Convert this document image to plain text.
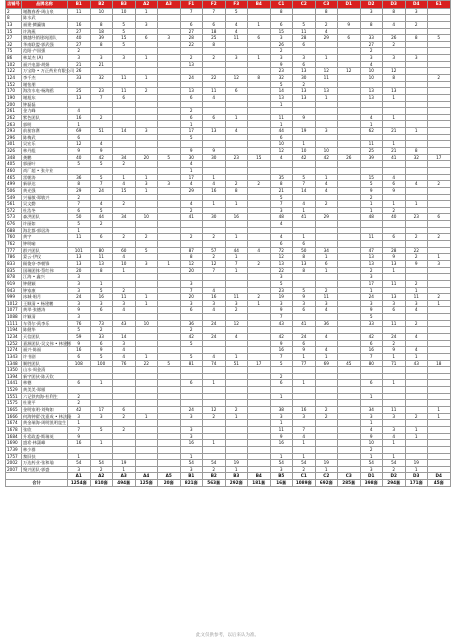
店铺号	品牌名称	B1	B2	B3	A2	A3	F1	F2	F3	B4	C1	C2	C3	D1	D2	D3	D4	E1
2	谢馥春香·周山泉	11	10	10	1		7	7	5		8		8		3	8	3	
8	陈水武																	
13	福建·腾瀛镇	16	8	5	3		6	6	4	1	6	5	2	9	8	4	2	
15	许海燕	27	18	5			27	18	4		15	11	4					
27	腾越经销建筑团队	40	39	15	6	3	28	25	11	6	3	28	29	6	33	26	8	5
32	华南联盟·郭武强	27	8	5			22	8			26	6			27	2		
75	范阳·卢国强	2									2				2			
86	林某杰 (A)	3	3	3	1		2	2	3	1	3	3	1		3	3	3	
102	福兴电器·胡娟	21	21				13				9	6			4			
122	万宝路 • 万正药业有限公司	26									23	13	12	12	10	12		
124	李千杰	33	32	11	1		24	22	12	8	32	30	11		10	8		2
152	谢怡朋										5	2						
170	海汝水电·杨海鸥	25	23	11	2		13	11	6		14	13	13		13	13		
190	谢旭东	13	7	6			6	4			13	13	1		13	1		
200	钟磊磊										1							
261	金力峰	4					2											
262	紫色团队	16	2				6	6	1		11	9			4	1		
263	郭明	1					1				1				1			
293	前茄容赛	69	51	14	3		17	13	4		44	19	3		62	21	1	
296	陈梅武	6					5				6							
301	吴宏乐	12	4								10	1			11	1		
326	林丹彪	9	9				9	9			12	10	10		25	21	8	
348	龚鹏	40	42	34	20	5	30	30	23	15	4	42	42	26	39	41	32	17
405	郭丽叶	5	5	2			4											
460	尚厂超 • 张介业						1											
465	雷朝涛	36	5	1	1		17	1			35	5	1		15	4		
499	新驿达	8	7	4	3	3	4	4	2	2	8	7	4		5	6	4	2
506	黄光强	29	24	15	1		29	16	8		21	14	4		9	9		
549	兴福敏·郑敏兴	2									5				2			
561	吴文勤	7	4	2			4	1	1		7	4	2		1	1	1	
572	杜浩冬	6	5				2				3	1			1	2		
573	森洪团队	50	44	34	10		41	30	16		48	41	29		48	40	23	6
676	许丽如	5	2								4							
688	海北都·郭居涛	1																
760	黄宇	11	6	2	2		2	2	1		4	1			11	6	2	2
762	钟明喻										6	6						
777	群兴团队	101	80	60	5		87	57	44	4	72	50	34		47	28	22	
786	蒙云·伊仪	13	11	4			8	2	1		12	8	1		13	9	2	1
833	顾俊奈·李朝锋	13	13	10	3	1	12	12	7	2	13	13	6		13	13	9	3
835	国瑞团体·蔡红伟	20	8	1			20	7	1		22	8	1		2	1		
878	江海 • 鑫兴	3									3				3			
919	钟健颖	3	1				3				5				17	11	2	
943	钟家康	3	5	2			7	4			23	5	2		1		1	
999	冰城·唱月	24	16	11	1		20	16	11	2	19	9	11		24	13	11	2
1012	王顺清 • 杨建鹏	3	3	3	1		3	3	3	1	3	3	3		3	3	3	1
1077	黄翠·张德涛	9	6	4			6	4	2		9	6	4		9	6	4	
1088	许颖清	3									7				5			
1111	车得尔·禹李乐	76	73	43	10		36	24	12		43	41	36		33	11	2	
1194	陈健华	5	2				2											
1234	天信团队	59	33	14			42	24	4		42	24	4		42	24	4	
1252	嘉源团队·吴文伟 • 林建彬	9	6	3			5				9	6			6	2		
1274	福兴·陈福	16	9	4							16	9	4		16	9	4	
1343	许书剧	6	5	4	1		5	4	1		7	1	1		7	1	1	
1348	顺胜团队	108	100	76	22	5	81	74	51	17	5	77	69	45	80	71	43	18
1350	山水·周金清																	
1394	新宇团伙·陈天钦										2							
1441	林德	6	1				6	1			6	1			6	1		
1529	黄美美·郑雁																	
1551	六记铁肉海·杜利生	2									1				1			
1575	杜建平	2																
1665	金明家明·刘殉如	42	17	6			24	12	2		38	16	2		34	11		1
1666	何海钟翟·沈嘉成 • 林法隆	3	3	2	1		3	2	1		3	3	2		3	3	2	1
1674	黄金瑞海·周明凯明寇生	1									1				1			
1678	张欣	7	5	2			3				11	7			4	3	1	
1684	升希政委·斯瑞英	9					3				9	4			9	4	1	
1690	盛希·林潇峰	16	1				16	1			16	1			10	1		
1739	林少群														2			
1757	黎旧扶	1					1				1	1			1	1		
2002	万达药业·张和瑜	54	54	19			54	54	19		54	54	19		54	54	19	
2007	聚兴团队·郭盛	3	2	1			3	2	1		3	2	1		3	2	1	
		A1	A2	A3	A4	A5	B1	B2	B3	B4	B5	C1	C2	C3	D1	D2	D3	D4
合计		1254套	810套	494套	125套	20套	821套	563套	292套	181套	16套	1089套	692套	285套	398套	294套	171套	45套
此文仅供参考，以后来认为准。
